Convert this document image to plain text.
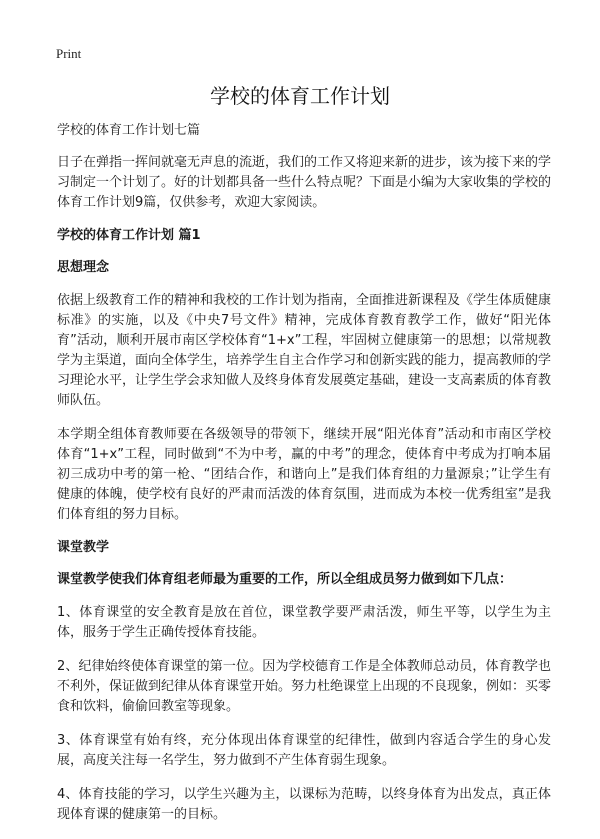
Print
学校的体育工作计划
学校的体育工作计划七篇

日子在弹指一挥间就毫无声息的流逝，我们的工作又将迎来新的进步，该为接下来的学习制定一个计划了。好的计划都具备一些什么特点呢？下面是小编为大家收集的学校的体育工作计划9篇，仅供参考，欢迎大家阅读。

学校的体育工作计划 篇1
思想理念

依据上级教育工作的精神和我校的工作计划为指南，全面推进新课程及《学生体质健康标准》的实施，以及《中央7号文件》精神，完成体育教育教学工作，做好“阳光体育”活动，顺利开展市南区学校体育“1+x”工程，牢固树立健康第一的思想；以常规教学为主渠道，面向全体学生，培养学生自主合作学习和创新实践的能力，提高教师的学习理论水平，让学生学会求知做人及终身体育发展奠定基础，建设一支高素质的体育教师队伍。

本学期全组体育教师要在各级领导的带领下，继续开展“阳光体育”活动和市南区学校体育“1+x”工程，同时做到“不为中考，赢的中考”的理念，使体育中考成为打响本届初三成功中考的第一枪、“团结合作，和谐向上”是我们体育组的力量源泉；”让学生有健康的体魄，使学校有良好的严肃而活泼的体育氛围，进而成为本校一优秀组室”是我们体育组的努力目标。

课堂教学

课堂教学使我们体育组老师最为重要的工作，所以全组成员努力做到如下几点：

1、体育课堂的安全教育是放在首位，课堂教学要严肃活泼，师生平等，以学生为主体，服务于学生正确传授体育技能。

2、纪律始终使体育课堂的第一位。因为学校德育工作是全体教师总动员，体育教学也不利外，保证做到纪律从体育课堂开始。努力杜绝课堂上出现的不良现象，例如：买零食和饮料，偷偷回教室等现象。

3、体育课堂有始有终，充分体现出体育课堂的纪律性，做到内容适合学生的身心发展，高度关注每一名学生，努力做到不产生体育弱生现象。

4、体育技能的学习，以学生兴趣为主，以课标为范畴，以终身体育为出发点，真正体现体育课的健康第一的目标。
